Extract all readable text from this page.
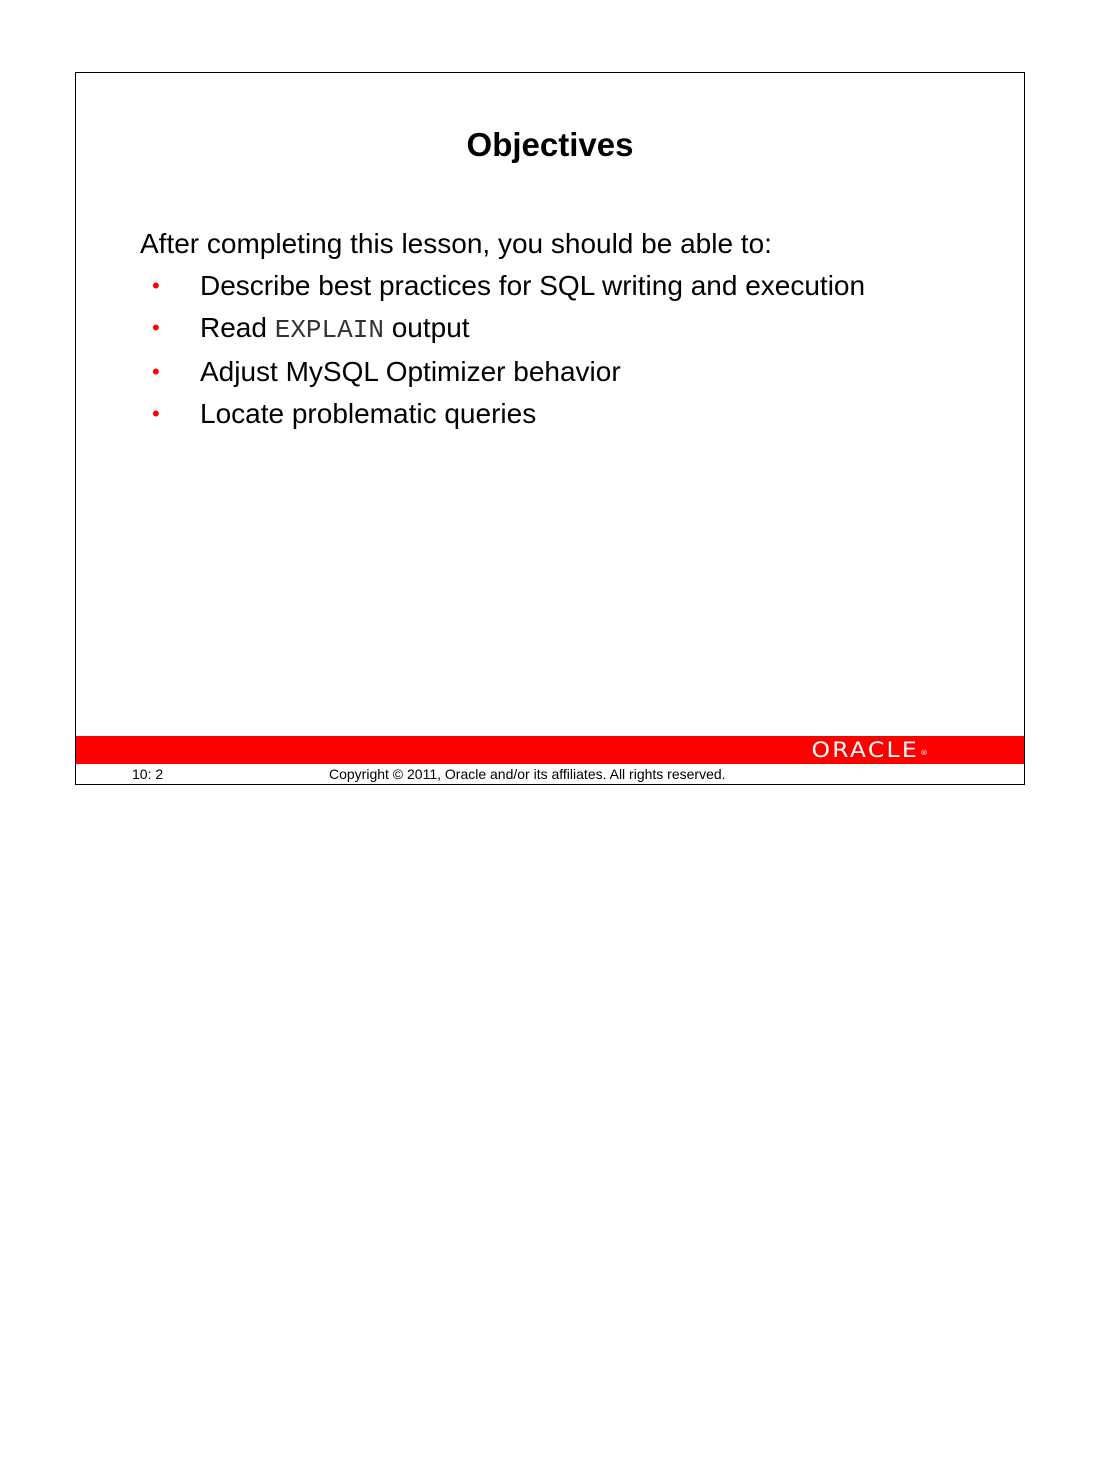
Objectives
After completing this lesson, you should be able to:
•	Describe best practices for SQL writing and execution
•	Read EXPLAIN output
•	Adjust MySQL Optimizer behavior
•	Locate problematic queries
ORACLE®
10: 2	Copyright © 2011, Oracle and/or its affiliates. All rights reserved.
